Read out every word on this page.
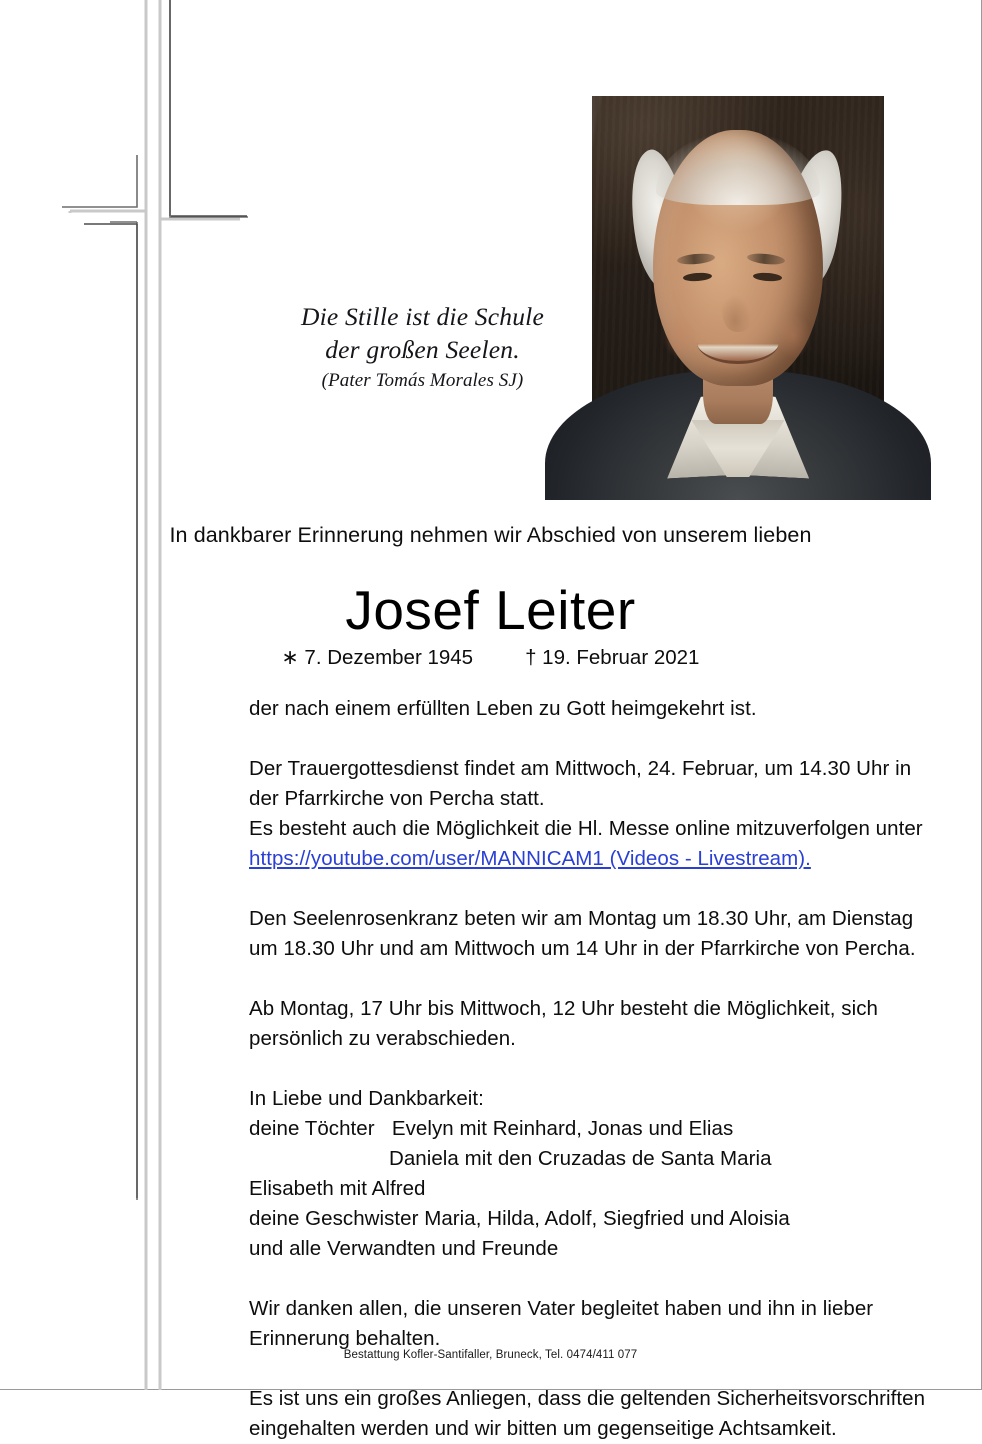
Die Stille ist die Schule
der großen Seelen.
(Pater Tomás Morales SJ)
In dankbarer Erinnerung nehmen wir Abschied von unserem lieben
Josef Leiter
∗ 7. Dezember 1945	† 19. Februar 2021

der nach einem erfüllten Leben zu Gott heimgekehrt ist.

Der Trauergottesdienst findet am Mittwoch, 24. Februar, um 14.30 Uhr in
der Pfarrkirche von Percha statt.
Es besteht auch die Möglichkeit die Hl. Messe online mitzuverfolgen unter
https://youtube.com/user/MANNICAM1 (Videos - Livestream).

Den Seelenrosenkranz beten wir am Montag um 18.30 Uhr, am Dienstag
um 18.30 Uhr und am Mittwoch um 14 Uhr in der Pfarrkirche von Percha.

Ab Montag, 17 Uhr bis Mittwoch, 12 Uhr besteht die Möglichkeit, sich
persönlich zu verabschieden.

In Liebe und Dankbarkeit:
deine Töchter Evelyn mit Reinhard, Jonas und Elias
Daniela mit den Cruzadas de Santa Maria
Elisabeth mit Alfred
deine Geschwister Maria, Hilda, Adolf, Siegfried und Aloisia
und alle Verwandten und Freunde

Wir danken allen, die unseren Vater begleitet haben und ihn in lieber
Erinnerung behalten.

Es ist uns ein großes Anliegen, dass die geltenden Sicherheitsvorschriften
eingehalten werden und wir bitten um gegenseitige Achtsamkeit.

Bestattung Kofler-Santifaller, Bruneck, Tel. 0474/411 077
